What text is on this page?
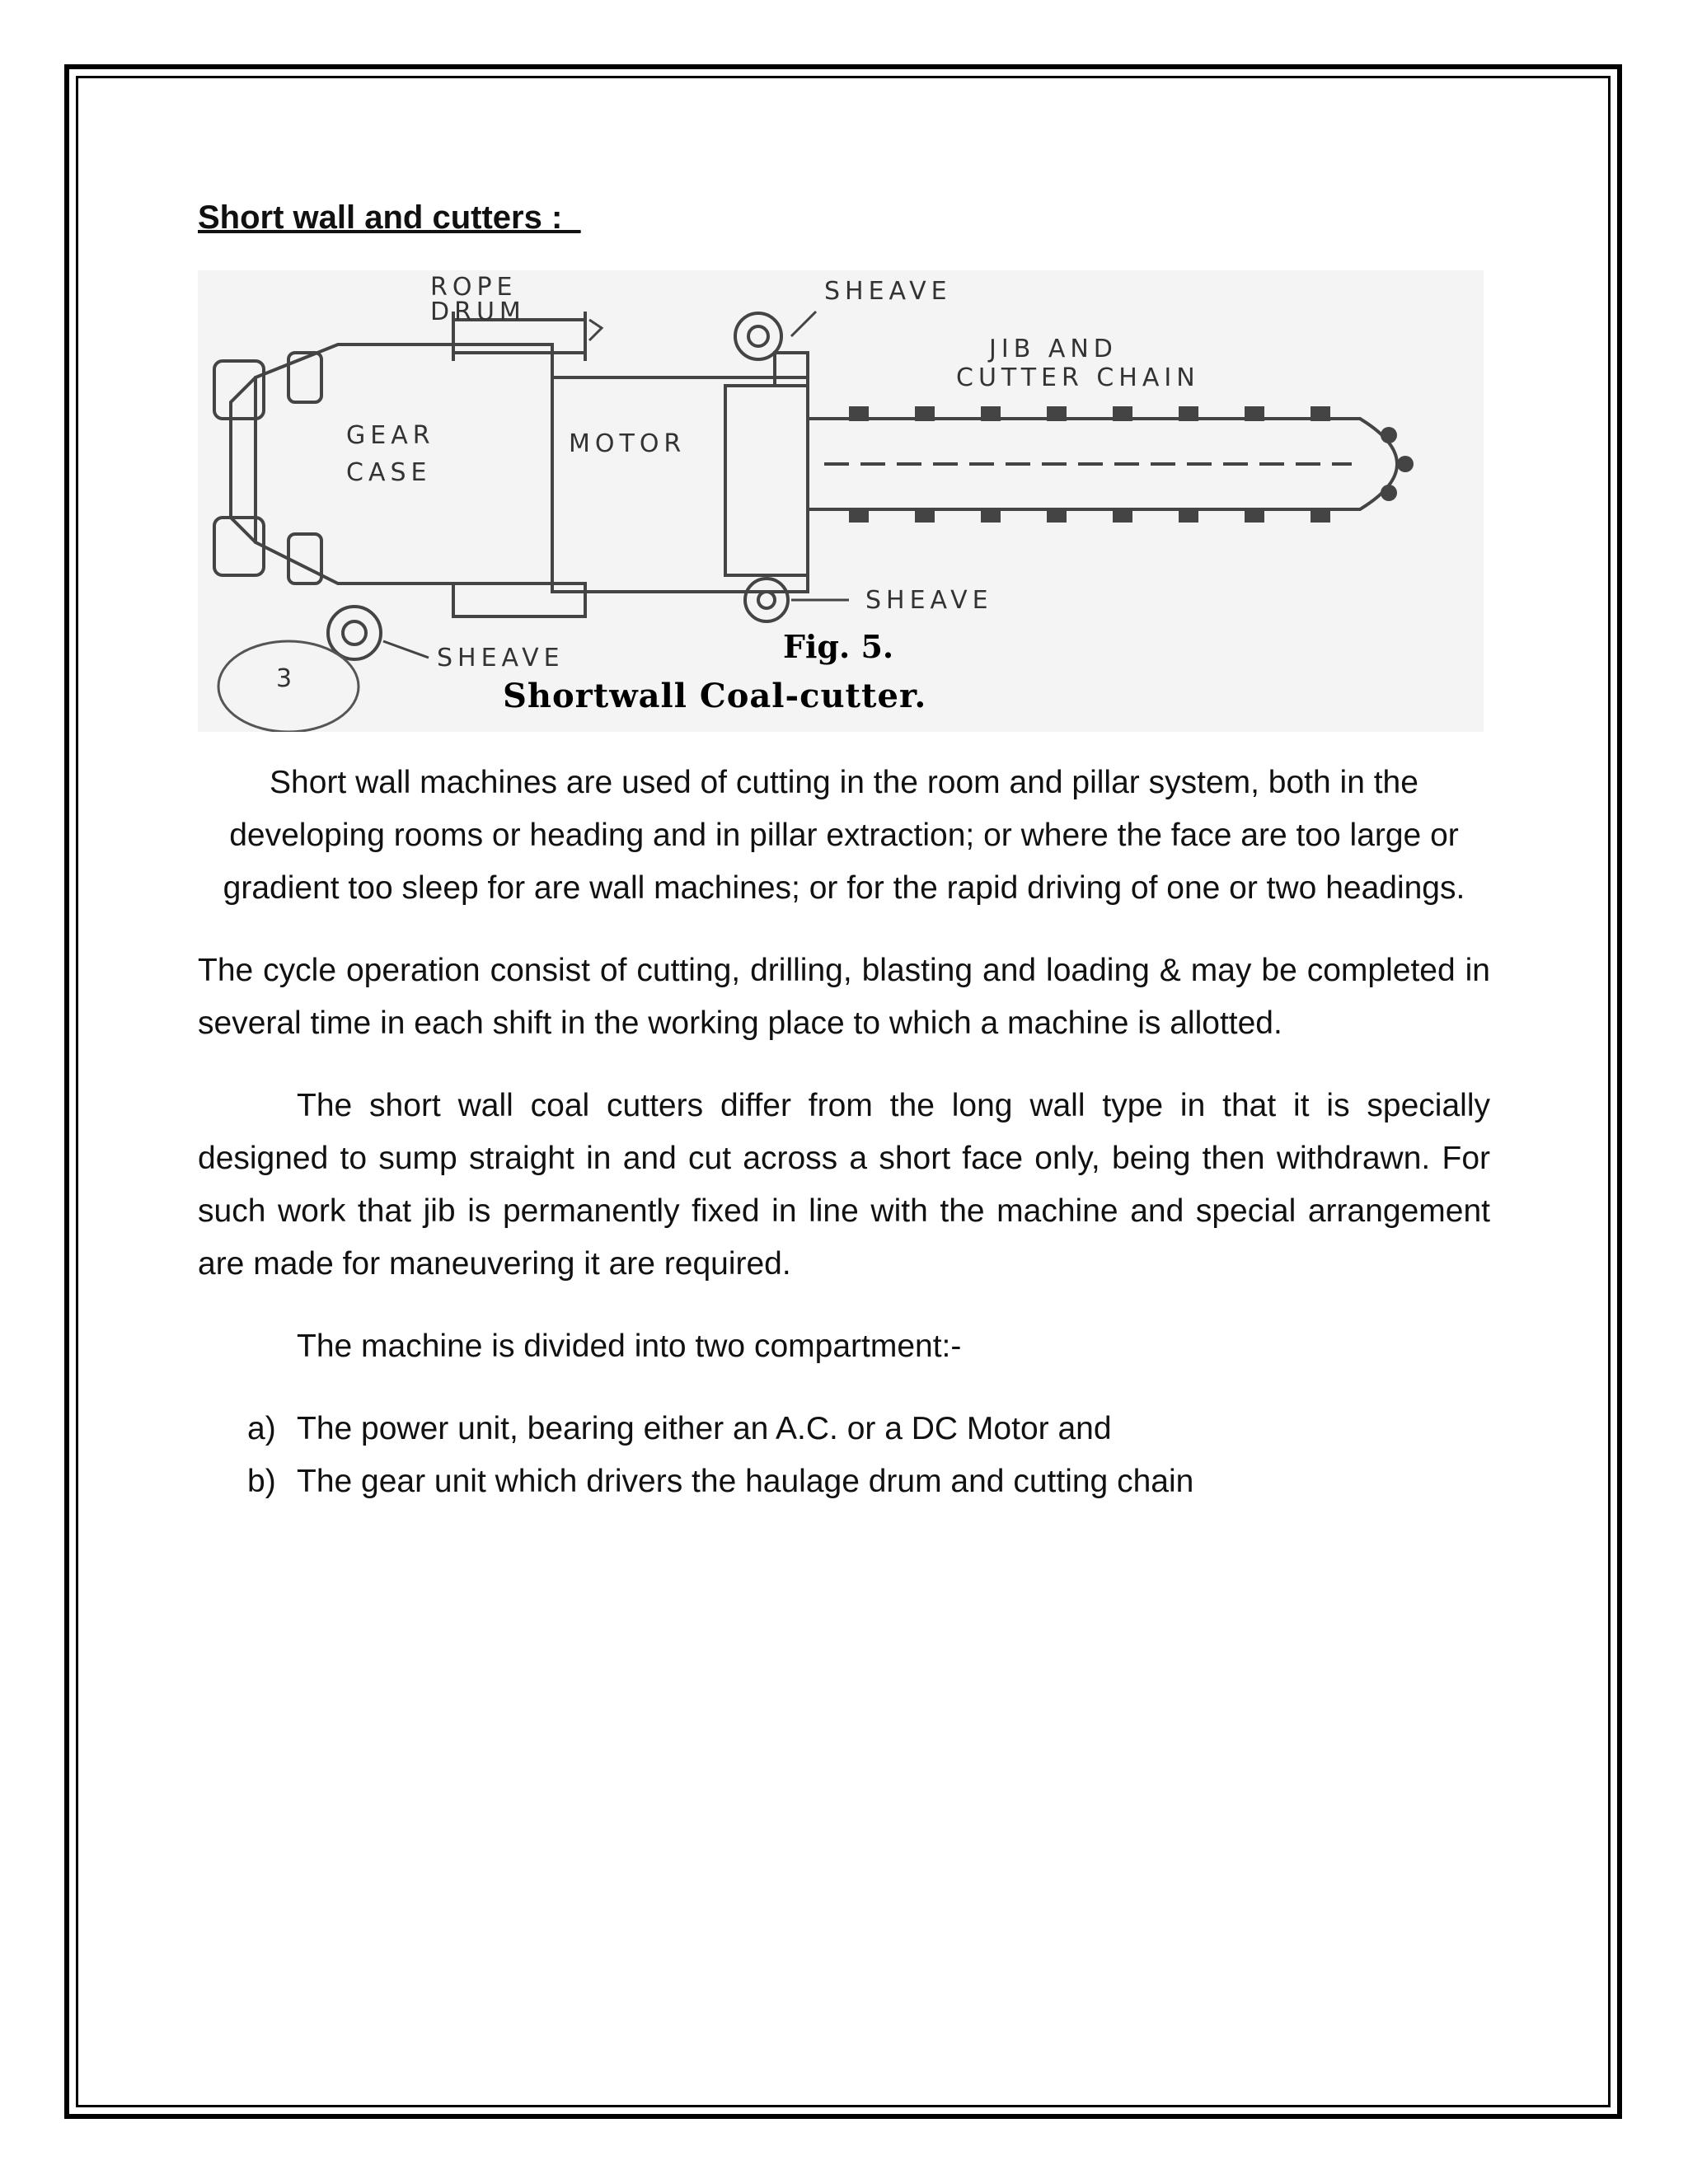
Short wall and cutters :_
3
ROPE
DRUM
SHEAVE
JIB AND
CUTTER CHAIN
GEAR
CASE
MOTOR
SHEAVE
SHEAVE	Fig. 5.
Shortwall Coal-cutter.

Short wall machines are used of cutting in the room and pillar system, both in the developing rooms or heading and in pillar extraction; or where the face are too large or gradient too sleep for are wall machines; or for the rapid driving of one or two headings.

The cycle operation consist of cutting, drilling, blasting and loading & may be completed in several time in each shift in the working place to which a machine is allotted.

The short wall coal cutters differ from the long wall type in that it is specially designed to sump straight in and cut across a short face only, being then withdrawn. For such work that jib is permanently fixed in line with the machine and special arrangement are made for maneuvering it are required.

The machine is divided into two compartment:-

a) The power unit, bearing either an A.C. or a DC Motor and
b) The gear unit which drivers the haulage drum and cutting chain
